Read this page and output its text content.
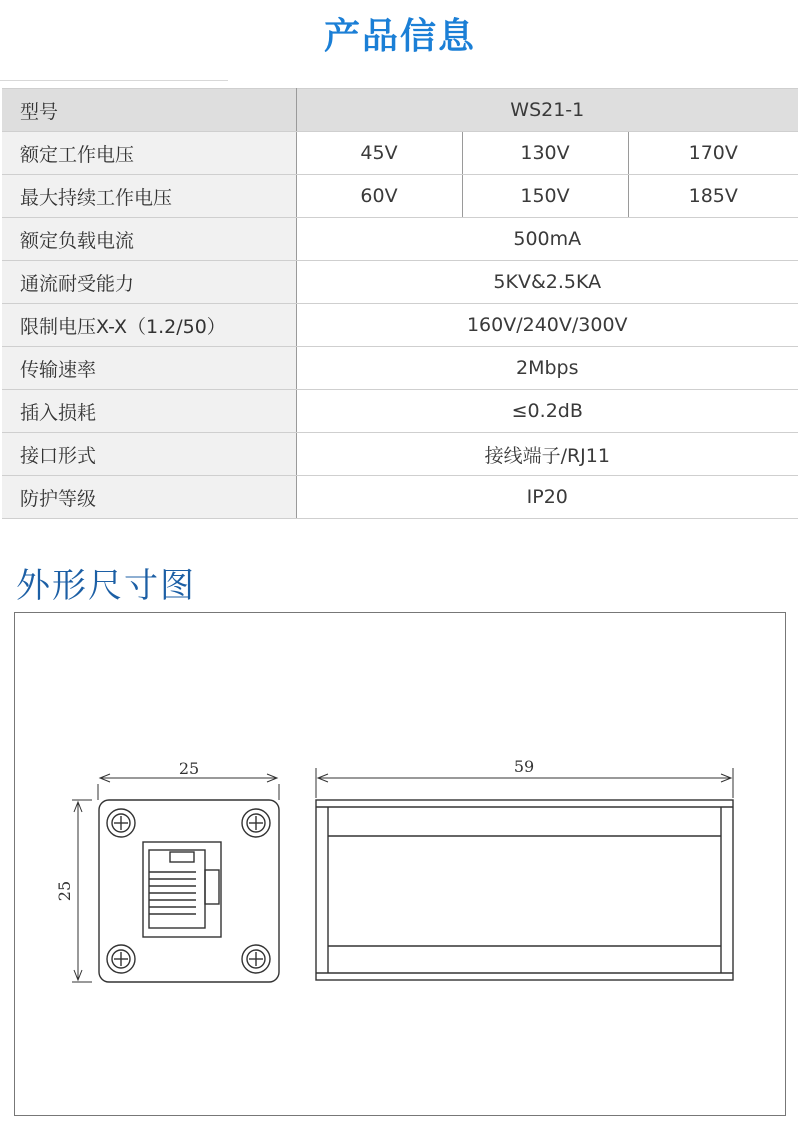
产品信息
型号	WS21-1		
额定工作电压	45V	130V	170V
最大持续工作电压	60V	150V	185V
额定负载电流	500mA		
通流耐受能力	5KV&2.5KA		
限制电压X-X（1.2/50）	160V/240V/300V		
传输速率	2Mbps		
插入损耗	≤0.2dB		
接口形式	接线端子/RJ11		
防护等级	IP20		
外形尺寸图
25
25
59
